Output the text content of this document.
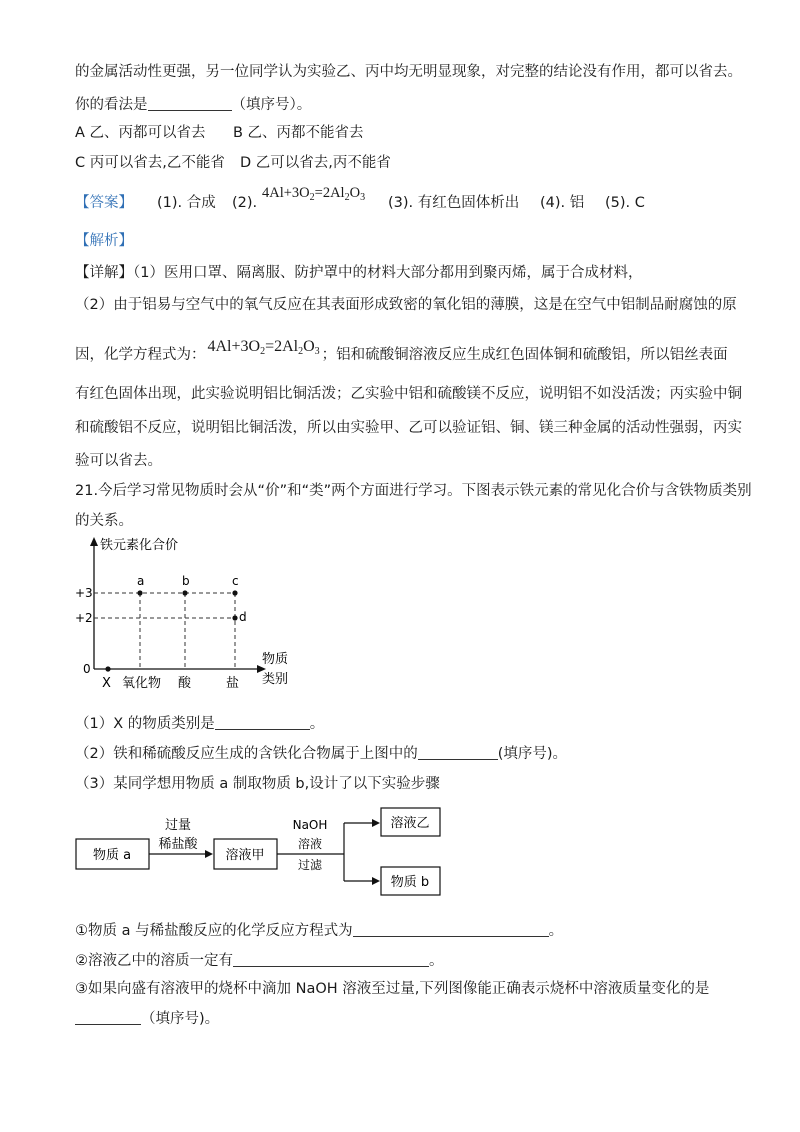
的金属活动性更强，另一位同学认为实验乙、丙中均无明显现象，对完整的结论没有作用，都可以省去。
你的看法是	（填序号）。
A 乙、丙都可以省去 B 乙、丙都不能省去
C 丙可以省去,乙不能省 D 乙可以省去,丙不能省
【答案】 (1). 合成 (2).
$4Al+3O_2=2Al_2O_3$ (3). 有红色固体析出 (4). 铝 (5). C
【解析】
【详解】（1）医用口罩、隔离服、防护罩中的材料大部分都用到聚丙烯，属于合成材料，
（2）由于铝易与空气中的氧气反应在其表面形成致密的氧化铝的薄膜，这是在空气中铝制品耐腐蚀的原
因，化学方程式为： $4Al+3O_2=2Al_2O_3$ ；铝和硫酸铜溶液反应生成红色固体铜和硫酸铝，所以铝丝表面
有红色固体出现，此实验说明铝比铜活泼；乙实验中铝和硫酸镁不反应，说明铝不如没活泼；丙实验中铜
和硫酸铝不反应，说明铝比铜活泼，所以由实验甲、乙可以验证铝、铜、镁三种金属的活动性强弱，丙实
验可以省去。
21.今后学习常见物质时会从“价”和“类”两个方面进行学习。下图表示铁元素的常见化合价与含铁物质类别
的关系。
铁元素化合价
+3
+2
0
a	b	c
d
X 氧化物 酸	盐
物质
类别
（1）X 的物质类别是	。
（2）铁和稀硫酸反应生成的含铁化合物属于上图中的	(填序号)。
（3）某同学想用物质 a 制取物质 b,设计了以下实验步骤
物质 a
过量
稀盐酸
溶液甲
NaOH
溶液
过滤
溶液乙
物质 b
①物质 a 与稀盐酸反应的化学反应方程式为	。
②溶液乙中的溶质一定有	。
③如果向盛有溶液甲的烧杯中滴加 NaOH 溶液至过量,下列图像能正确表示烧杯中溶液质量变化的是
（填序号)。
